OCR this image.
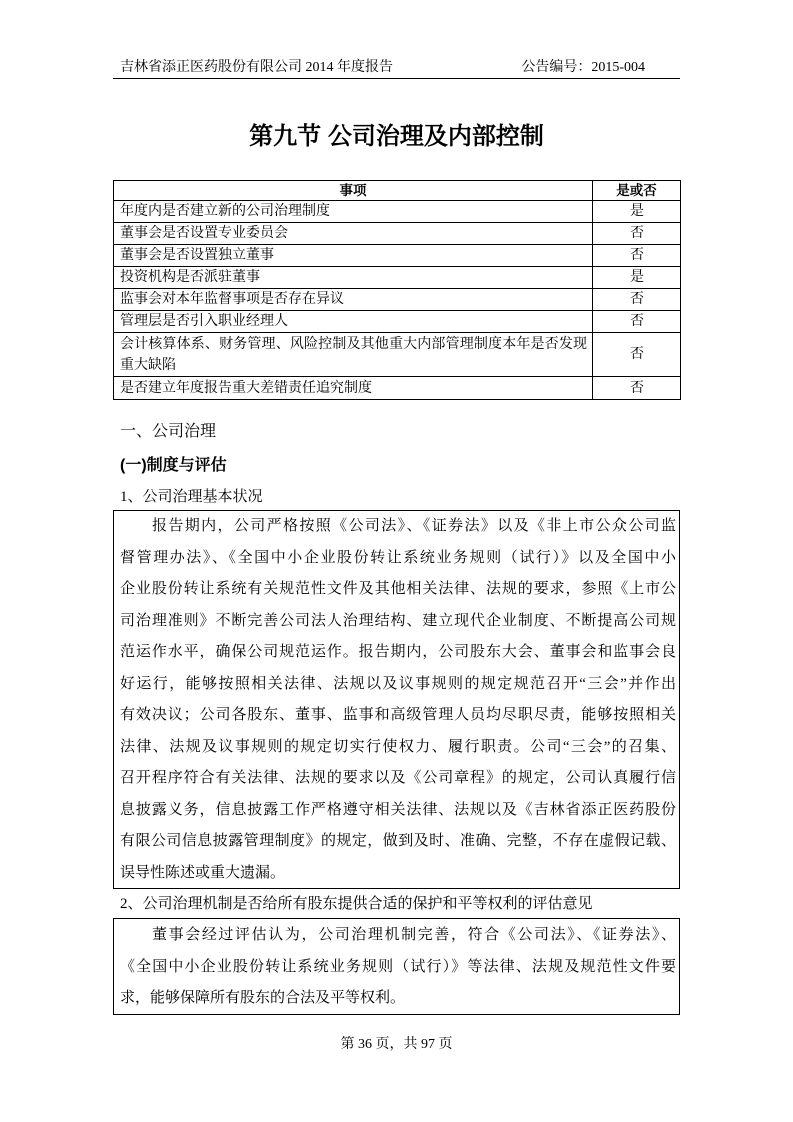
吉林省添正医药股份有限公司 2014 年度报告	公告编号：2015-004
第九节 公司治理及内部控制
事项	是或否
年度内是否建立新的公司治理制度	是
董事会是否设置专业委员会	否
董事会是否设置独立董事	否
投资机构是否派驻董事	是
监事会对本年监督事项是否存在异议	否
管理层是否引入职业经理人	否
会计核算体系、财务管理、风险控制及其他重大内部管理制度本年是否发现重大缺陷	否
是否建立年度报告重大差错责任追究制度	否
一、公司治理
(一)制度与评估
1、公司治理基本状况
报告期内，公司严格按照《公司法》、《证券法》以及《非上市公众公司监
督管理办法》、《全国中小企业股份转让系统业务规则（试行）》以及全国中小
企业股份转让系统有关规范性文件及其他相关法律、法规的要求，参照《上市公
司治理准则》不断完善公司法人治理结构、建立现代企业制度、不断提高公司规
范运作水平，确保公司规范运作。报告期内，公司股东大会、董事会和监事会良
好运行，能够按照相关法律、法规以及议事规则的规定规范召开“三会”并作出
有效决议；公司各股东、董事、监事和高级管理人员均尽职尽责，能够按照相关
法律、法规及议事规则的规定切实行使权力、履行职责。公司“三会”的召集、
召开程序符合有关法律、法规的要求以及《公司章程》的规定，公司认真履行信
息披露义务，信息披露工作严格遵守相关法律、法规以及《吉林省添正医药股份
有限公司信息披露管理制度》的规定，做到及时、准确、完整，不存在虚假记载、
误导性陈述或重大遗漏。
2、公司治理机制是否给所有股东提供合适的保护和平等权利的评估意见
董事会经过评估认为，公司治理机制完善，符合《公司法》、《证券法》、
《全国中小企业股份转让系统业务规则（试行）》等法律、法规及规范性文件要
求，能够保障所有股东的合法及平等权利。
第 36 页，共 97 页
